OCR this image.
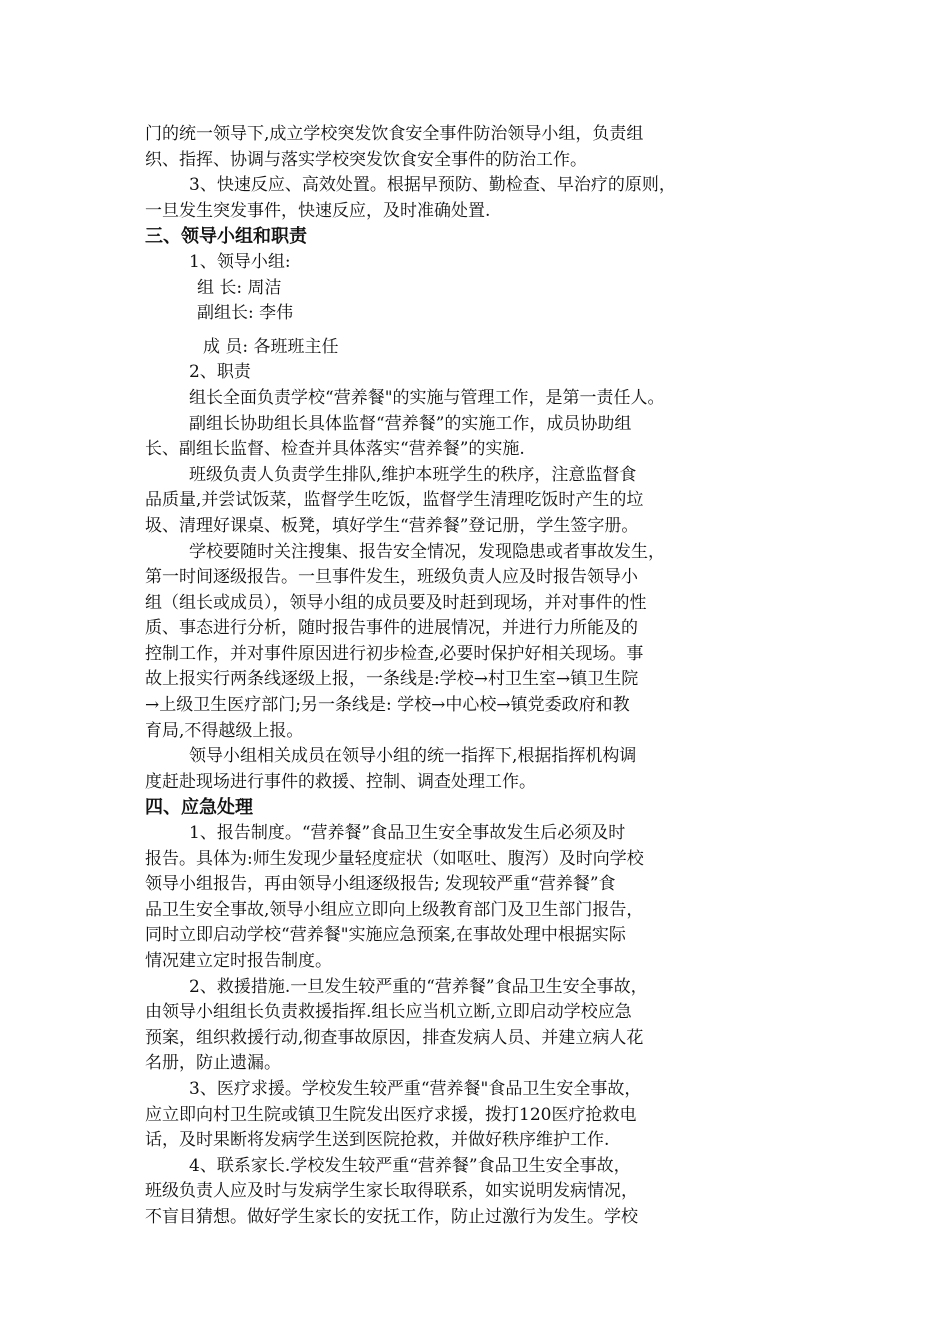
门的统一领导下,成立学校突发饮食安全事件防治领导小组，负责组
织、指挥、协调与落实学校突发饮食安全事件的防治工作。
3、快速反应、高效处置。根据早预防、勤检查、早治疗的原则，
一旦发生突发事件，快速反应，及时准确处置.
三、领导小组和职责
1、领导小组:
组 长: 周洁
副组长: 李伟
成 员: 各班班主任
2、职责
组长全面负责学校“营养餐"的实施与管理工作，是第一责任人。
副组长协助组长具体监督“营养餐”的实施工作，成员协助组
长、副组长监督、检查并具体落实“营养餐”的实施.
班级负责人负责学生排队,维护本班学生的秩序，注意监督食
品质量,并尝试饭菜，监督学生吃饭，监督学生清理吃饭时产生的垃
圾、清理好课桌、板凳，填好学生“营养餐”登记册，学生签字册。
学校要随时关注搜集、报告安全情况，发现隐患或者事故发生，
第一时间逐级报告。一旦事件发生，班级负责人应及时报告领导小
组（组长或成员），领导小组的成员要及时赶到现场，并对事件的性
质、事态进行分析，随时报告事件的进展情况，并进行力所能及的
控制工作，并对事件原因进行初步检查,必要时保护好相关现场。事
故上报实行两条线逐级上报，一条线是:学校→村卫生室→镇卫生院
→上级卫生医疗部门;另一条线是: 学校→中心校→镇党委政府和教
育局,不得越级上报。
领导小组相关成员在领导小组的统一指挥下,根据指挥机构调
度赶赴现场进行事件的救援、控制、调查处理工作。
四、应急处理
1、报告制度。“营养餐”食品卫生安全事故发生后必须及时
报告。具体为:师生发现少量轻度症状（如呕吐、腹泻）及时向学校
领导小组报告，再由领导小组逐级报告; 发现较严重“营养餐”食
品卫生安全事故,领导小组应立即向上级教育部门及卫生部门报告，
同时立即启动学校“营养餐"实施应急预案,在事故处理中根据实际
情况建立定时报告制度。
2、救援措施.一旦发生较严重的“营养餐”食品卫生安全事故，
由领导小组组长负责救援指挥.组长应当机立断,立即启动学校应急
预案，组织救援行动,彻查事故原因，排查发病人员、并建立病人花
名册，防止遗漏。
3、医疗求援。学校发生较严重“营养餐"食品卫生安全事故，
应立即向村卫生院或镇卫生院发出医疗求援，拨打120医疗抢救电
话，及时果断将发病学生送到医院抢救，并做好秩序维护工作.
4、联系家长.学校发生较严重“营养餐”食品卫生安全事故，
班级负责人应及时与发病学生家长取得联系，如实说明发病情况，
不盲目猜想。做好学生家长的安抚工作，防止过激行为发生。学校
